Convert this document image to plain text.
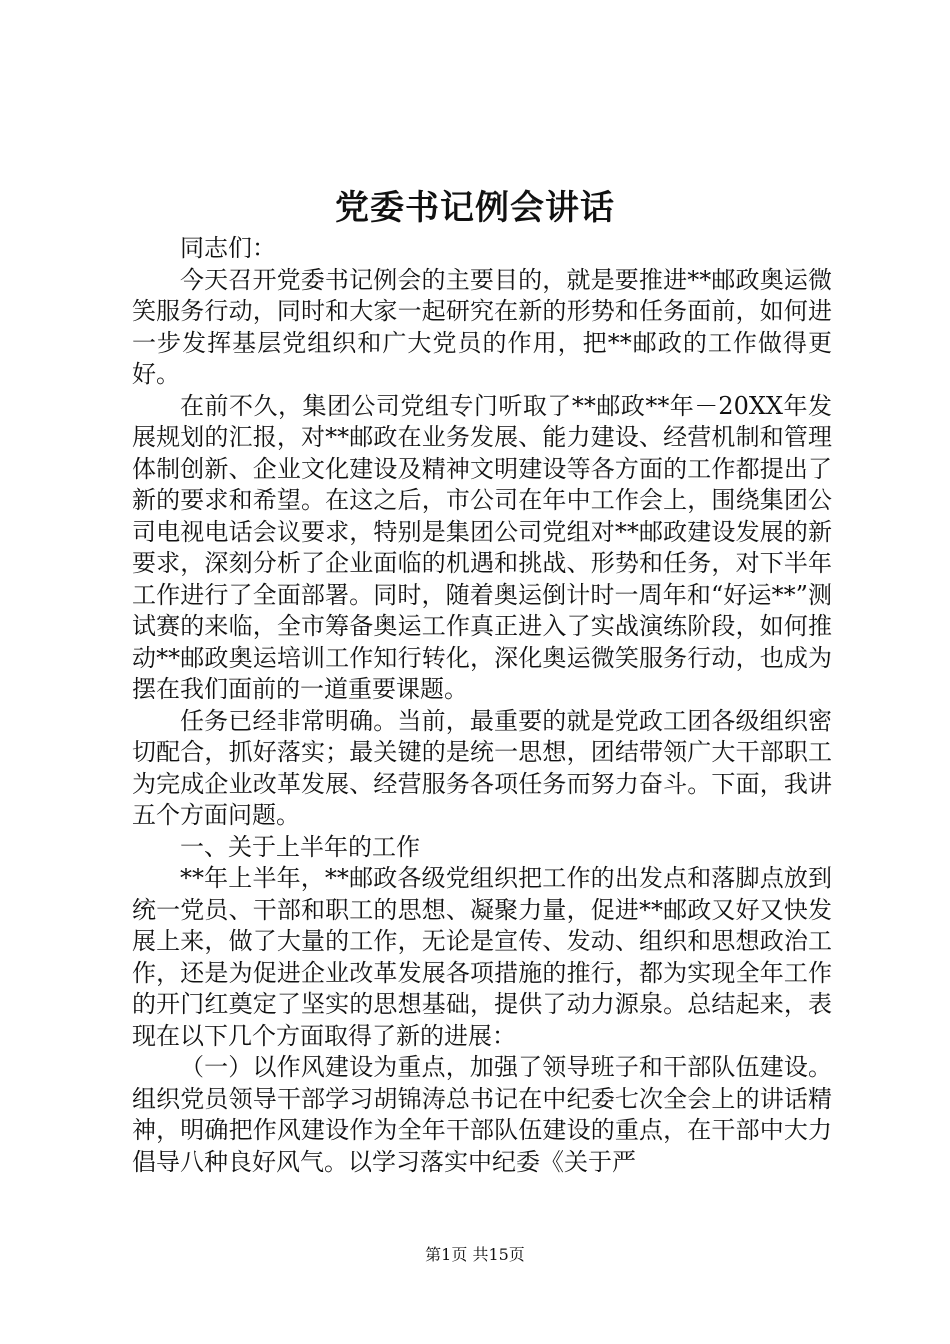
党委书记例会讲话

同志们：

今天召开党委书记例会的主要目的，就是要推进**邮政奥运微笑服务行动，同时和大家一起研究在新的形势和任务面前，如何进一步发挥基层党组织和广大党员的作用，把**邮政的工作做得更好。

在前不久，集团公司党组专门听取了**邮政**年－20XX年发展规划的汇报，对**邮政在业务发展、能力建设、经营机制和管理体制创新、企业文化建设及精神文明建设等各方面的工作都提出了新的要求和希望。在这之后，市公司在年中工作会上，围绕集团公司电视电话会议要求，特别是集团公司党组对**邮政建设发展的新要求，深刻分析了企业面临的机遇和挑战、形势和任务，对下半年工作进行了全面部署。同时，随着奥运倒计时一周年和“好运**”测试赛的来临，全市筹备奥运工作真正进入了实战演练阶段，如何推动**邮政奥运培训工作知行转化，深化奥运微笑服务行动，也成为摆在我们面前的一道重要课题。

任务已经非常明确。当前，最重要的就是党政工团各级组织密切配合，抓好落实；最关键的是统一思想，团结带领广大干部职工为完成企业改革发展、经营服务各项任务而努力奋斗。下面，我讲五个方面问题。

一、关于上半年的工作

**年上半年，**邮政各级党组织把工作的出发点和落脚点放到统一党员、干部和职工的思想、凝聚力量，促进**邮政又好又快发展上来，做了大量的工作，无论是宣传、发动、组织和思想政治工作，还是为促进企业改革发展各项措施的推行，都为实现全年工作的开门红奠定了坚实的思想基础，提供了动力源泉。总结起来，表现在以下几个方面取得了新的进展：

（一）以作风建设为重点，加强了领导班子和干部队伍建设。组织党员领导干部学习胡锦涛总书记在中纪委七次全会上的讲话精神，明确把作风建设作为全年干部队伍建设的重点，在干部中大力倡导八种良好风气。以学习落实中纪委《关于严

第1页 共15页
